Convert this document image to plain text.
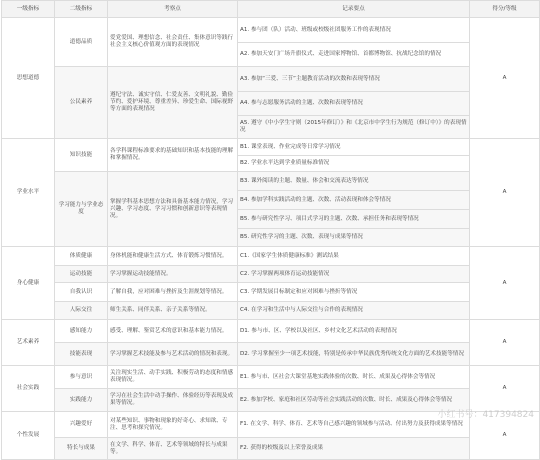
一级指标	二级指标	考察点	记录要点	得分/等级
思想道德	道德品质	爱党爱国、理想信念、社会责任、集体意识等践行社会主义核心价值观方面的表现情况	A1. 参与团（队）活动、班级或校级社团服务工作的表现情况	A
			A2. 参加天安门广场升旗仪式、走进国家博物馆、首都博物馆、抗战纪念馆的情况	
	公民素养	遵纪守法、诚实守信、仁爱友善、文明礼貌、勤俭节约、爱护环境、尊重差异、珍爱生命、国际视野等方面的表现情况	A3. 参加“三爱、三节”主题教育活动的次数和表现等情况	
			A4. 参与志愿服务活动的主题、次数和表现等情况	
			A5. 遵守《中小学生守则（2015年修订）》和《北京市中学生行为规范（修订中）》的表现情况	
学业水平	知识技能	各学科课程标准要求的基础知识和基本技能的理解和掌握情况。	B1. 课堂表现、作业完成等日常学习情况	A
			B2. 学业水平达到学业质量标准情况	
	学习能力与学业态度	掌握学科基本思想方法和具备基本能力情况，学习兴趣、学习态度、学习习惯和创新意识等表现情况。	B3. 课外阅读的主题、数量、体会和交流表达等情况	
			B4. 参加学科实践活动的主题、次数、活动表现和体会等情况	
			B5. 参与研究性学习、项目式学习的主题、次数、承担任务和表现等情况	
			B5. 研究性学习的主题、次数、表现与成果等情况	
身心健康	体质健康	身体机能和健康生活方式、体育锻炼习惯情况。	C1.《国家学生体质健康标准》测试结果	A
	运动技能	学习掌握运动技能情况。	C2. 学习掌握两项体育运动技能情况	
	自我认识	了解自我，应对困难与挫折及生涯规划等情况。	C3. 学期发展目标制定和应对困难与挫折等情况	
	人际交往	师生关系、同伴关系、亲子关系等情况。	C4. 在学习和生活中与人际交往与合作的表现情况	
艺术素养	感知能力	感受、理解、鉴赏艺术的意识和基本能力情况。	D1. 参与市、区、学校以及社区、乡村文化艺术活动的表现情况	A
	技能表现	学习掌握艺术技能及参与艺术活动的情况和表现。	D2. 学习掌握至少一项艺术技能，特别是传承中华民族优秀传统文化方面的艺术技能等情况	
社会实践	参与意识	关注现实生活、动手实践、积极劳动的态度和情感表现情况。	E1. 参与市、区社会大课堂基地实践体验的次数、时长、成果及心得体会等情况	A
	实践能力	学习在社会生活中动手操作、体验经历等表现及成果等情况。	E2. 参加学校、家庭和社区劳动等社会实践活动的次数、时长、成果及心得体会等情况	
个性发展	兴趣爱好	对某些知识、事物和现象的好奇心、求知欲、专注、思考和探究情况。	F1. 在文学、科学、体育、艺术等自己感兴趣的领域参与活动、付出努力及获得成果等情况	A
	特长与成果	在文学、科学、体育、艺术等领域的特长与成果等。	F2. 获得的校级及以上荣誉及成果		小红书号：417394824
